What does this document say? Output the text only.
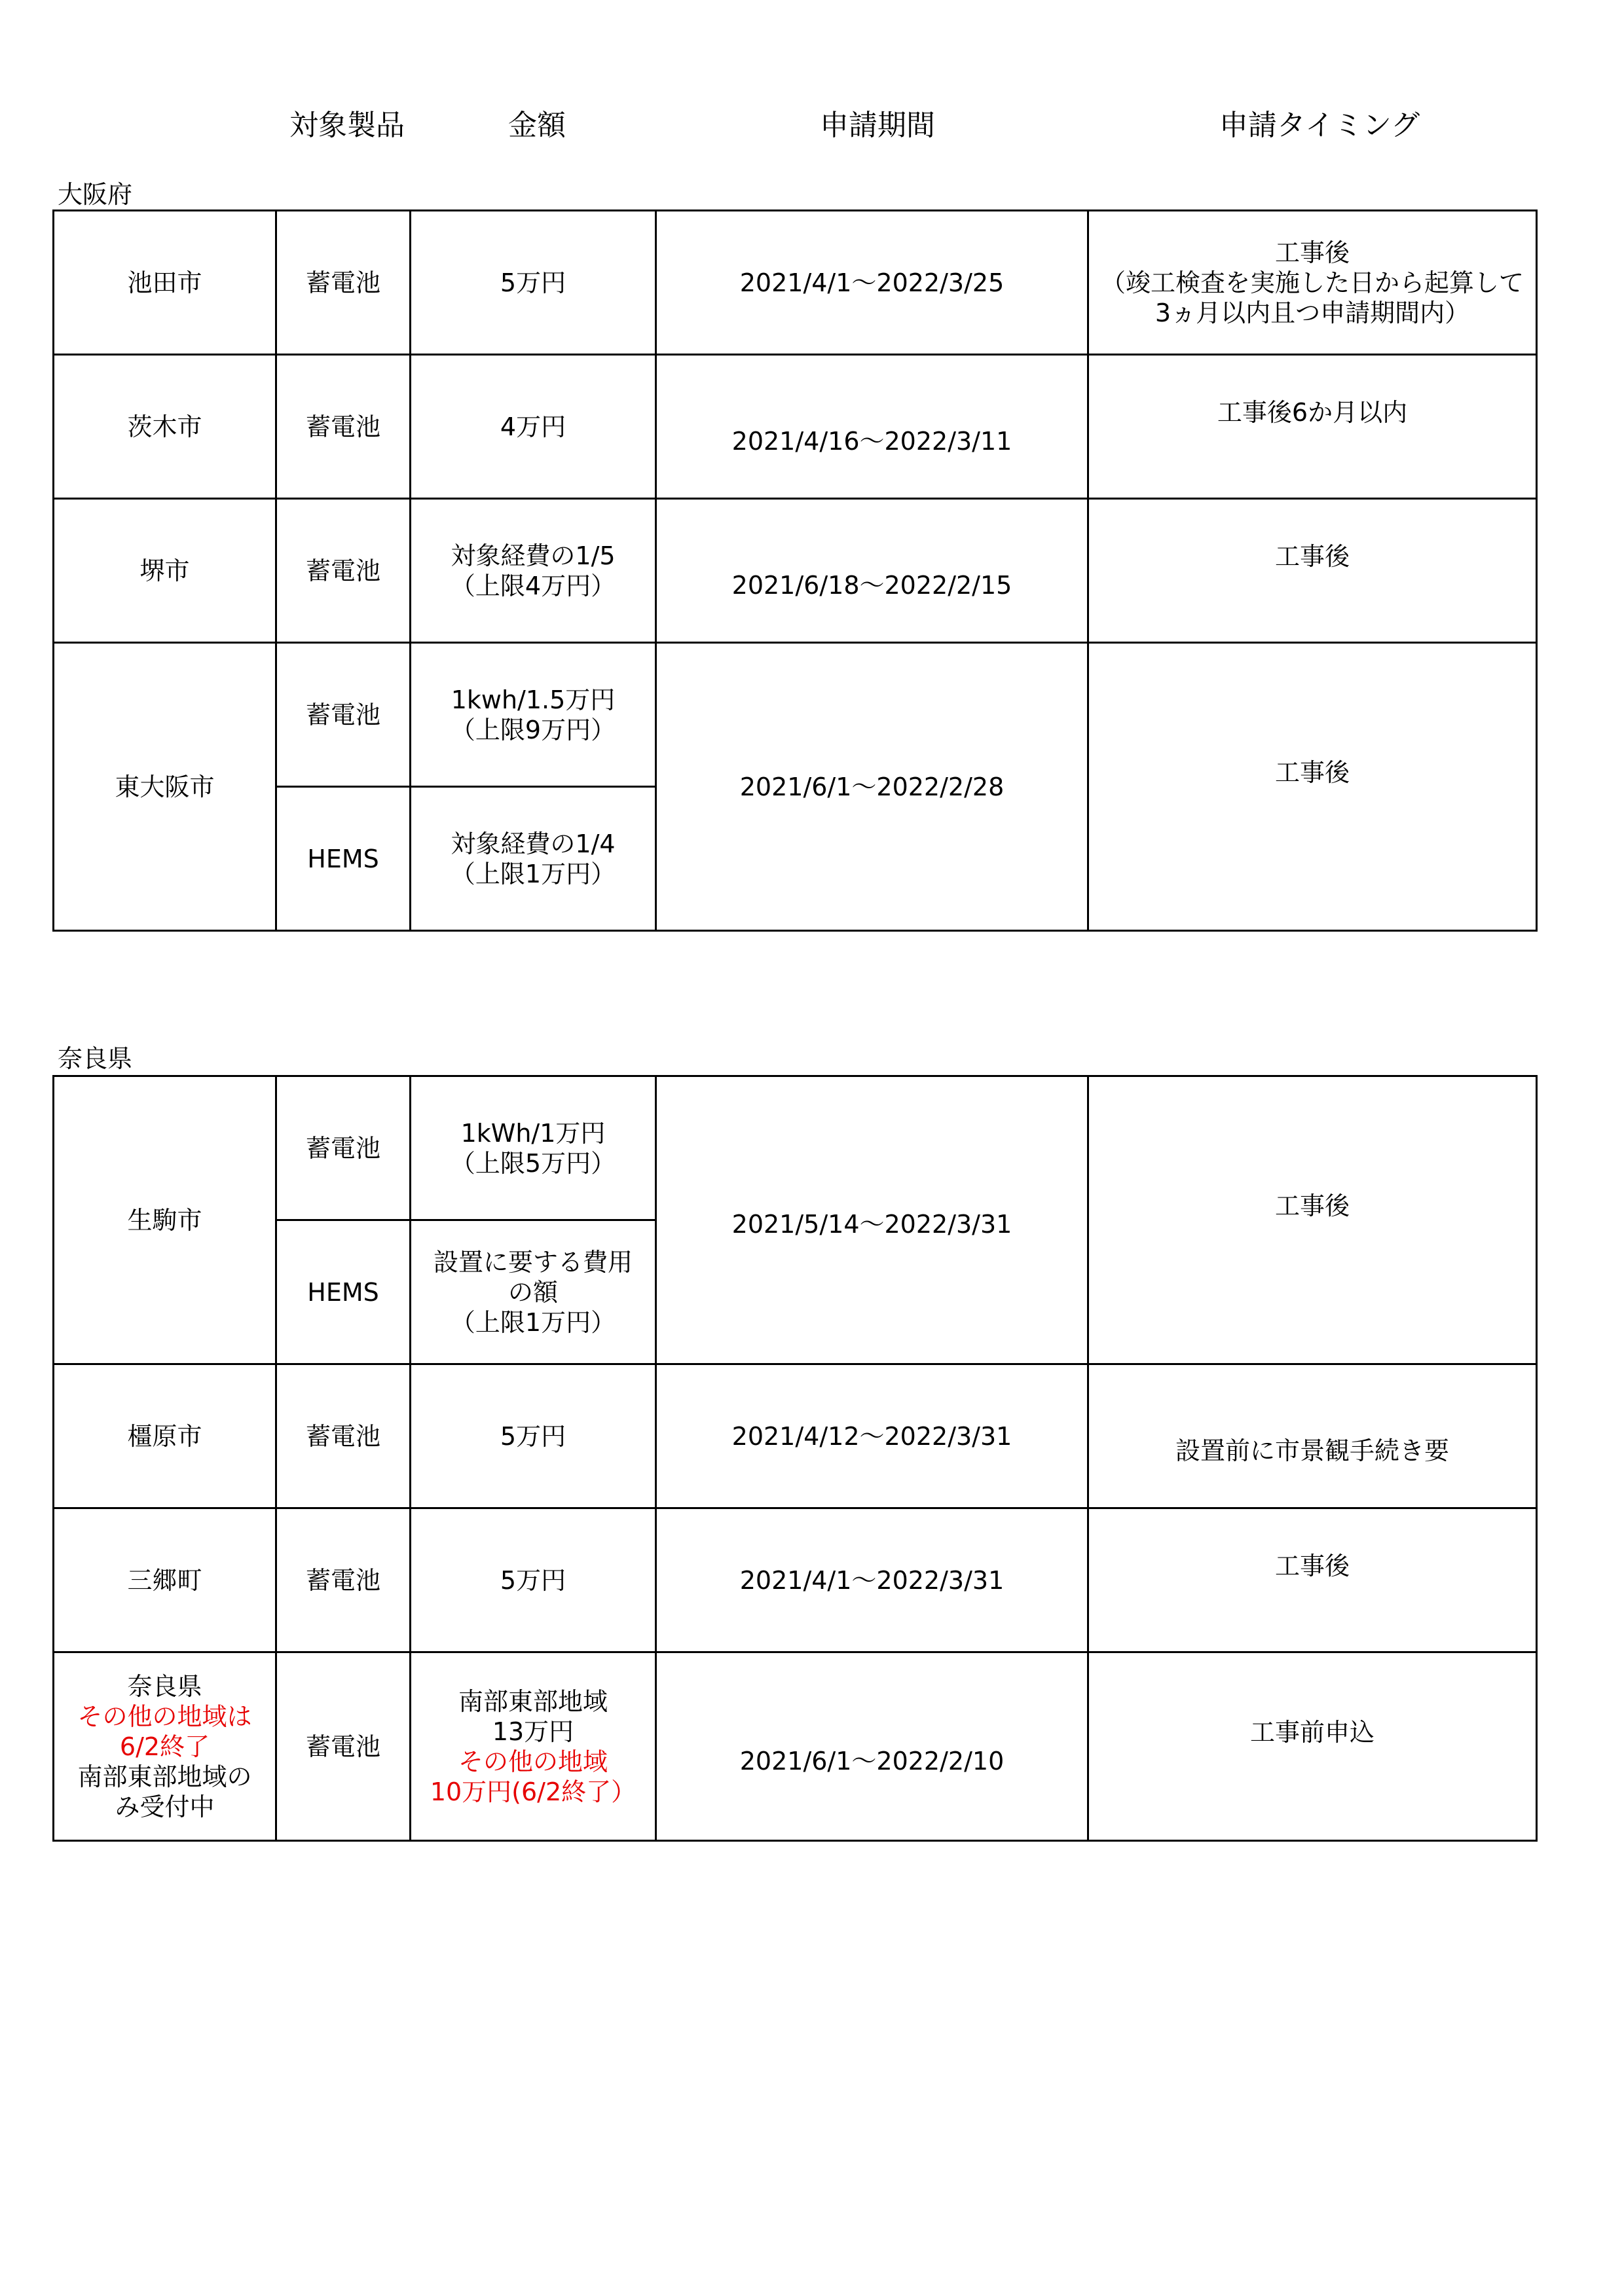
対象製品	金額	申請期間	申請タイミング
大阪府
池田市	蓄電池	5万円	2021/4/1～2022/3/25	工事後
（竣工検査を実施した日から起算して
3ヵ月以内且つ申請期間内）

茨木市	蓄電池	4万円	2021/4/16～2022/3/11	工事後6か月以内

堺市	蓄電池	対象経費の1/5
（上限4万円）	2021/6/18～2022/2/15	工事後

東大阪市	蓄電池	1kwh/1.5万円
（上限9万円）	2021/6/1～2022/2/28	工事後

	HEMS	対象経費の1/4
（上限1万円）		
奈良県
生駒市	蓄電池	1kWh/1万円
（上限5万円）	2021/5/14～2022/3/31	工事後

	HEMS	設置に要する費用
の額
（上限1万円）		

橿原市	蓄電池	5万円	2021/4/12～2022/3/31	設置前に市景観手続き要

三郷町	蓄電池	5万円	2021/4/1～2022/3/31	工事後

奈良県
その他の地域は
6/2終了
南部東部地域の
み受付中	蓄電池	南部東部地域
13万円
その他の地域
10万円(6/2終了）	2021/6/1～2022/2/10	工事前申込
